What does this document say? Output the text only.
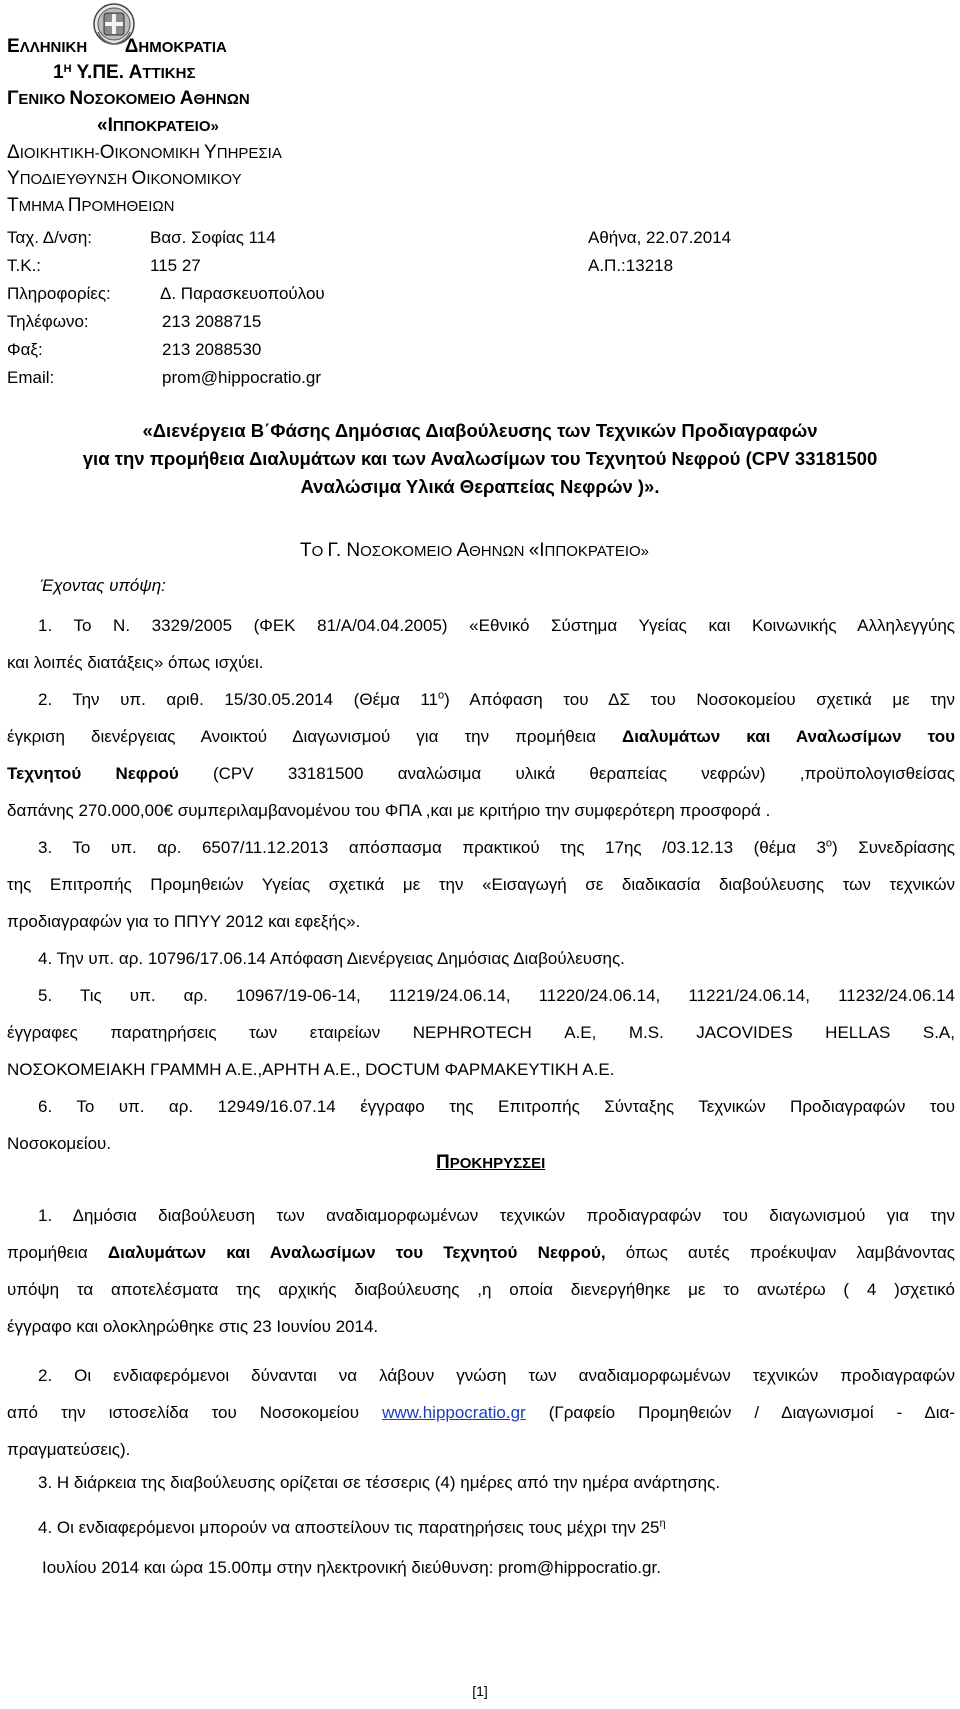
ΕΛΛΗΝΙΚΗ ΔΗΜΟΚΡΑΤΙΑ
$1^H$ Υ.ΠΕ. ΑΤΤΙΚΗΣ
ΓΕΝΙΚΟ ΝΟΣΟΚΟΜΕΙΟ ΑΘΗΝΩΝ
«ΙΠΠΟΚΡΑΤΕΙΟ»
ΔΙΟΙΚΗΤΙΚΗ-ΟΙΚΟΝΟΜΙΚΗ ΥΠΗΡΕΣΙΑ
ΥΠΟΔΙΕΥΘΥΝΣΗ ΟΙΚΟΝΟΜΙΚΟΥ
ΤΜΗΜΑ ΠΡΟΜΗΘΕΙΩΝ
Ταχ. Δ/νση:	Βασ. Σοφίας 114	Αθήνα, 22.07.2014
Τ.Κ.:	115 27	Α.Π.:13218
Πληροφορίες:	Δ. Παρασκευοπούλου
Τηλέφωνο:	213 2088715
Φαξ:	213 2088530
Email:	prom@hippocratio.gr
«Διενέργεια Β΄Φάσης Δημόσιας Διαβούλευσης των Τεχνικών Προδιαγραφών
για την προμήθεια Διαλυμάτων και των Αναλωσίμων του Τεχνητού Νεφρού (CPV 33181500
Αναλώσιμα Υλικά Θεραπείας Νεφρών )».
ΤΟ Γ. ΝΟΣΟΚΟΜΕΙΟ ΑΘΗΝΩΝ «ΙΠΠΟΚΡΑΤΕΙΟ»
Έχοντας υπόψη:
1. Το Ν. 3329/2005 (ΦΕΚ 81/Α/04.04.2005) «Εθνικό Σύστημα Υγείας και Κοινωνικής Αλληλεγγύης
και λοιπές διατάξεις» όπως ισχύει.
2. Την υπ. αριθ. 15/30.05.2014 (Θέμα $11^o$) Απόφαση του ΔΣ του Νοσοκομείου σχετικά με την
έγκριση διενέργειας Ανοικτού Διαγωνισμού για την προμήθεια Διαλυμάτων και Αναλωσίμων του
Τεχνητού Νεφρού (CPV 33181500 αναλώσιμα υλικά θεραπείας νεφρών) ,προϋπολογισθείσας
δαπάνης 270.000,00€ συμπεριλαμβανομένου του ΦΠΑ ,και με κριτήριο την συμφερότερη προσφορά .
3. Το υπ. αρ. 6507/11.12.2013 απόσπασμα πρακτικού της 17ης /03.12.13 (θέμα $3^o$) Συνεδρίασης
της Επιτροπής Προμηθειών Υγείας σχετικά με την «Εισαγωγή σε διαδικασία διαβούλευσης των τεχνικών
προδιαγραφών για το ΠΠΥΥ 2012 και εφεξής».
4. Την υπ. αρ. 10796/17.06.14 Απόφαση Διενέργειας Δημόσιας Διαβούλευσης.
5. Τις υπ. αρ. 10967/19-06-14, 11219/24.06.14, 11220/24.06.14, 11221/24.06.14, 11232/24.06.14
έγγραφες παρατηρήσεις των εταιρείων NEPHROTECH Α.Ε, M.S. JACOVIDES HELLAS S.A,
ΝΟΣΟΚΟΜΕΙΑΚΗ ΓΡΑΜΜΗ Α.Ε.,ΑΡΗΤΗ Α.Ε., DOCTUM ΦΑΡΜΑΚΕΥΤΙΚΗ Α.Ε.
6. Το υπ. αρ. 12949/16.07.14 έγγραφο της Επιτροπής Σύνταξης Τεχνικών Προδιαγραφών του
Νοσοκομείου.
ΠΡΟΚΗΡΥΣΣΕΙ
1. Δημόσια διαβούλευση των αναδιαμορφωμένων τεχνικών προδιαγραφών του διαγωνισμού για την
προμήθεια Διαλυμάτων και Αναλωσίμων του Τεχνητού Νεφρού, όπως αυτές προέκυψαν λαμβάνοντας
υπόψη τα αποτελέσματα της αρχικής διαβούλευσης ,η οποία διενεργήθηκε με το ανωτέρω ( 4 )σχετικό
έγγραφο και ολοκληρώθηκε στις 23 Ιουνίου 2014.
2. Οι ενδιαφερόμενοι δύνανται να λάβουν γνώση των αναδιαμορφωμένων τεχνικών προδιαγραφών
από την ιστοσελίδα του Νοσοκομείου www.hippocratio.gr (Γραφείο Προμηθειών / Διαγωνισμοί - Δια-
πραγματεύσεις).
3. Η διάρκεια της διαβούλευσης ορίζεται σε τέσσερις (4) ημέρες από την ημέρα ανάρτησης.
4. Οι ενδιαφερόμενοι μπορούν να αποστείλουν τις παρατηρήσεις τους μέχρι την $25^\eta$
Ιουλίου 2014 και ώρα 15.00πμ στην ηλεκτρονική διεύθυνση: prom@hippocratio.gr.
[1]
